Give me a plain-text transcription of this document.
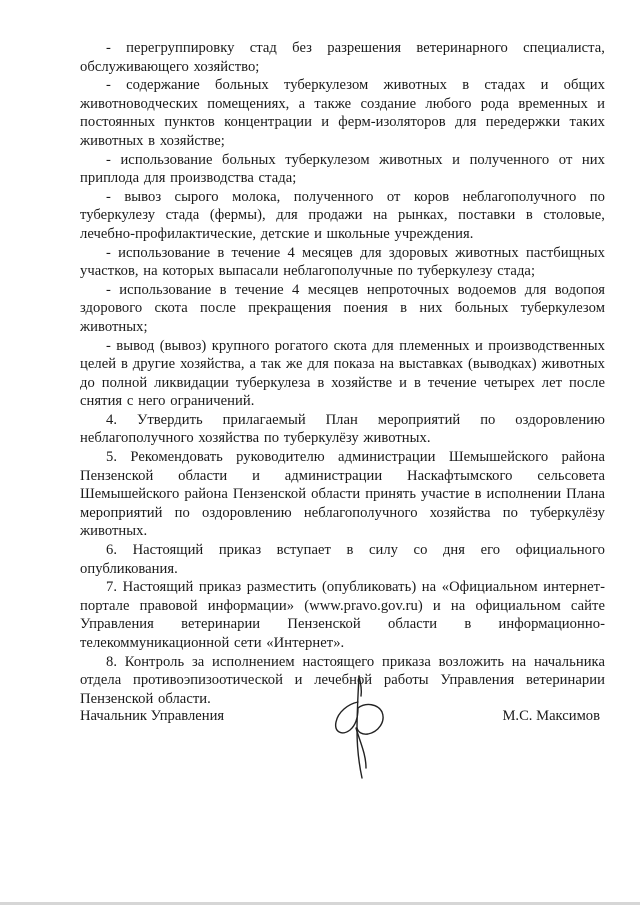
- перегруппировку стад без разрешения ветеринарного специалиста, обслуживающего хозяйство;

- содержание больных туберкулезом животных в стадах и общих животноводческих помещениях, а также создание любого рода временных и постоянных пунктов концентрации и ферм-изоляторов для передержки таких животных в хозяйстве;

- использование больных туберкулезом животных и полученного от них приплода для производства стада;

- вывоз сырого молока, полученного от коров неблагополучного по туберкулезу стада (фермы), для продажи на рынках, поставки в столовые, лечебно-профилактические, детские и школьные учреждения.

- использование в течение 4 месяцев для здоровых животных пастбищных участков, на которых выпасали неблагополучные по туберкулезу стада;

- использование в течение 4 месяцев непроточных водоемов для водопоя здорового скота после прекращения поения в них больных туберкулезом животных;

- вывод (вывоз) крупного рогатого скота для племенных и производственных целей в другие хозяйства, а так же для показа на выставках (выводках) животных до полной ликвидации туберкулеза в хозяйстве и в течение четырех лет после снятия с него ограничений.

4. Утвердить прилагаемый План мероприятий по оздоровлению неблагополучного хозяйства по туберкулёзу животных.

5. Рекомендовать руководителю администрации Шемышейского района Пензенской области и администрации Наскафтымского сельсовета Шемышейского района Пензенской области принять участие в исполнении Плана мероприятий по оздоровлению неблагополучного хозяйства по туберкулёзу животных.

6. Настоящий приказ вступает в силу со дня его официального опубликования.

7. Настоящий приказ разместить (опубликовать) на «Официальном интернет-портале правовой информации» (www.pravo.gov.ru) и на официальном сайте Управления ветеринарии Пензенской области в информационно-телекоммуникационной сети «Интернет».

8. Контроль за исполнением настоящего приказа возложить на начальника отдела противоэпизоотической и лечебной работы Управления ветеринарии Пензенской области.

Начальник Управления	М.С. Максимов
